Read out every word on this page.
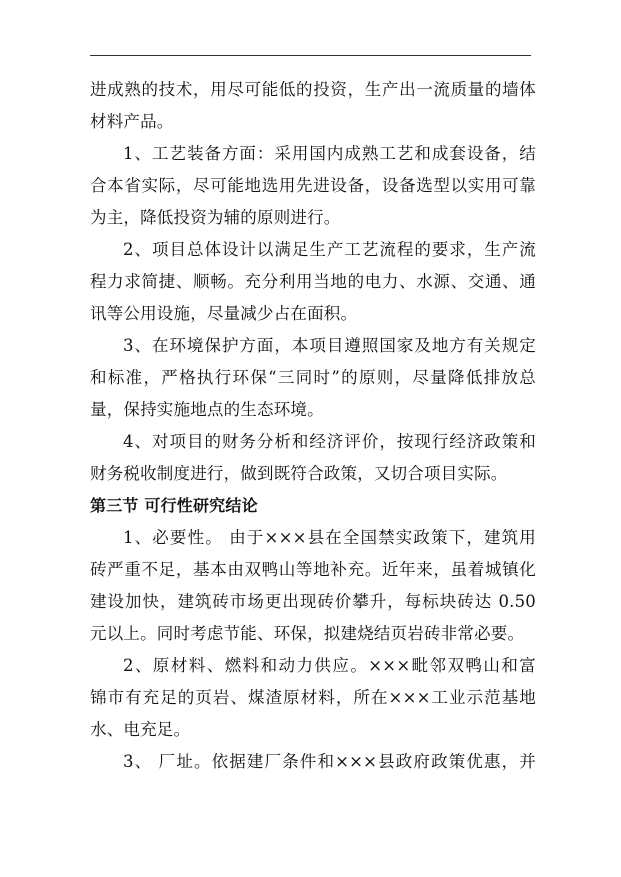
进成熟的技术，用尽可能低的投资，生产出一流质量的墙体
材料产品。
1、工艺装备方面：采用国内成熟工艺和成套设备，结
合本省实际，尽可能地选用先进设备，设备选型以实用可靠
为主，降低投资为辅的原则进行。
2、项目总体设计以满足生产工艺流程的要求，生产流
程力求简捷、顺畅。充分利用当地的电力、水源、交通、通
讯等公用设施，尽量减少占在面积。
3、在环境保护方面，本项目遵照国家及地方有关规定
和标准，严格执行环保“三同时”的原则，尽量降低排放总
量，保持实施地点的生态环境。
4、对项目的财务分析和经济评价，按现行经济政策和
财务税收制度进行，做到既符合政策，又切合项目实际。
第三节 可行性研究结论
1、必要性。 由于×××县在全国禁实政策下，建筑用
砖严重不足，基本由双鸭山等地补充。近年来，虽着城镇化
建设加快，建筑砖市场更出现砖价攀升，每标块砖达 0.50
元以上。同时考虑节能、环保，拟建烧结页岩砖非常必要。
2、原材料、燃料和动力供应。×××毗邻双鸭山和富
锦市有充足的页岩、煤渣原材料，所在×××工业示范基地
水、电充足。
3、 厂址。依据建厂条件和×××县政府政策优惠，并
